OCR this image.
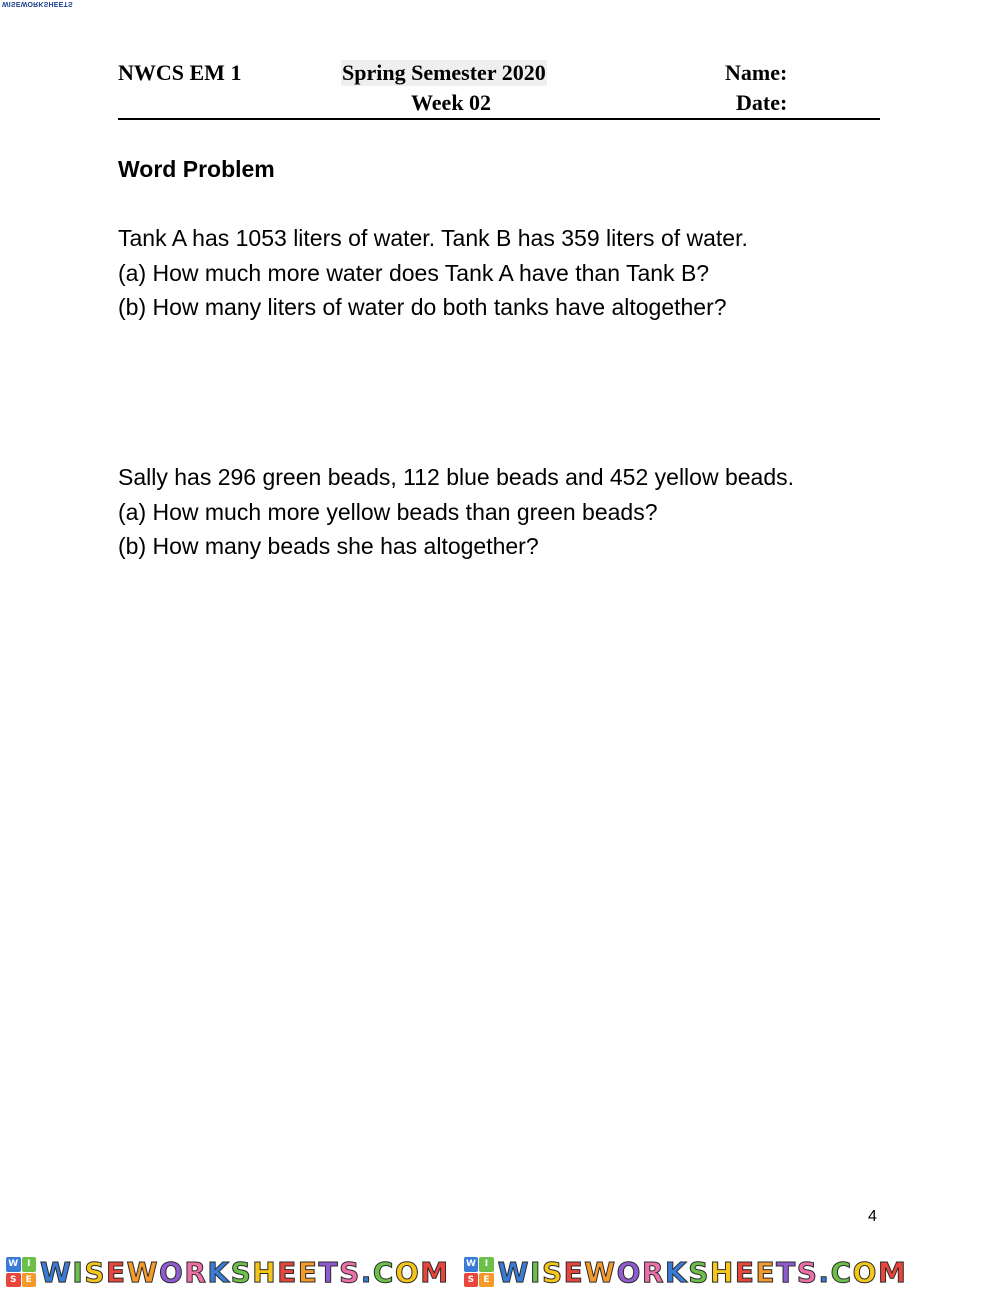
WISEWORKSHEETS
NWCS EM 1	Spring Semester 2020
Week 02
Name:
Date:
Word Problem
Tank A has 1053 liters of water. Tank B has 359 liters of water.
(a) How much more water does Tank A have than Tank B?
(b) How many liters of water do both tanks have altogether?
Sally has 296 green beads, 112 blue beads and 452 yellow beads.
(a) How much more yellow beads than green beads?
(b) How many beads she has altogether?
4
W I
S	E WISEWORKSHEETS.COM W I
S	E WISEWORKSHEETS.COM
